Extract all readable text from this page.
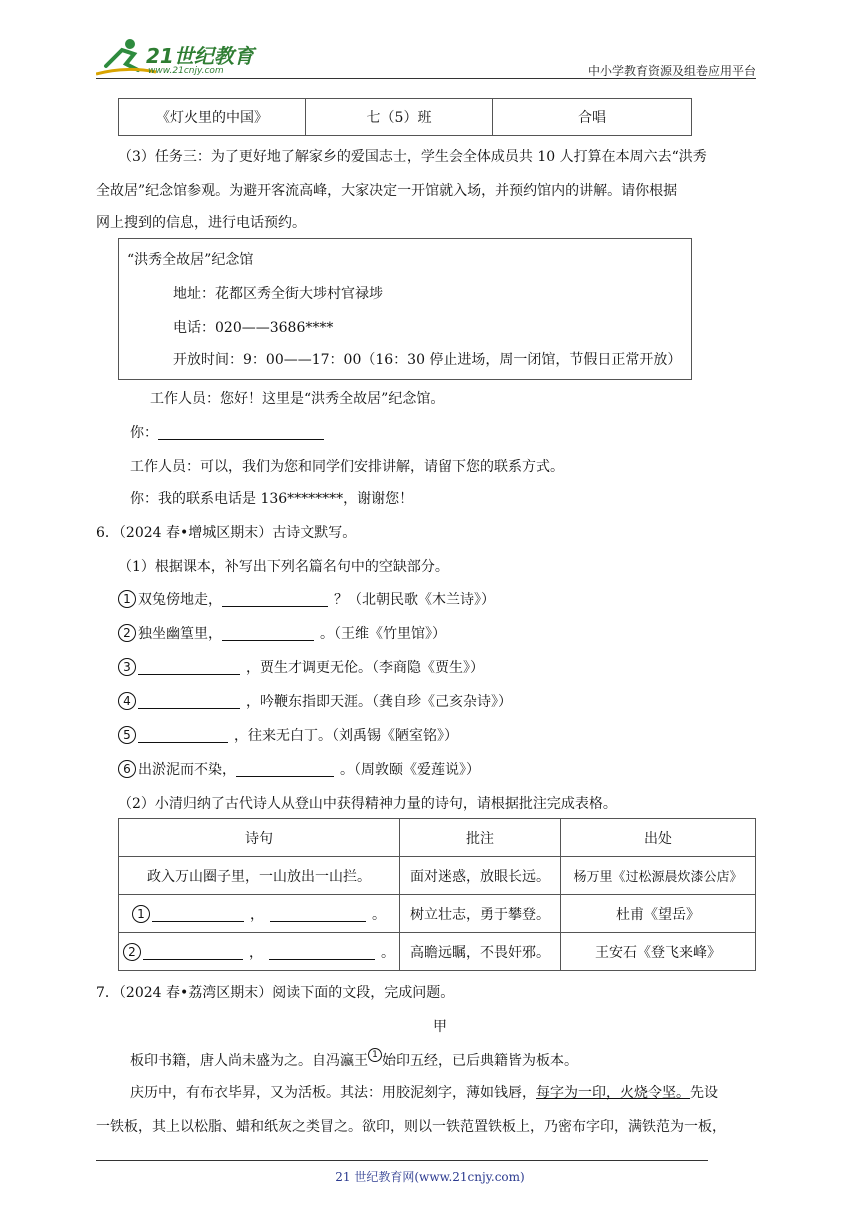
21世纪教育
www.21cnjy.com	中小学教育资源及组卷应用平台
《灯火里的中国》	七（5）班	合唱
（3）任务三：为了更好地了解家乡的爱国志士，学生会全体成员共 10 人打算在本周六去“洪秀
全故居”纪念馆参观。为避开客流高峰，大家决定一开馆就入场，并预约馆内的讲解。请你根据
网上搜到的信息，进行电话预约。
“洪秀全故居”纪念馆
地址：花都区秀全街大埗村官禄埗
电话：020——3686****
开放时间：9：00——17：00（16：30 停止进场，周一闭馆，节假日正常开放）
工作人员：您好！这里是“洪秀全故居”纪念馆。
你：
工作人员：可以，我们为您和同学们安排讲解，请留下您的联系方式。
你：我的联系电话是 136********，谢谢您！
6．（2024 春•增城区期末）古诗文默写。
（1）根据课本，补写出下列名篇名句中的空缺部分。
1 双兔傍地走，	？（北朝民歌《木兰诗》）
2 独坐幽篁里，	。（王维《竹里馆》）
3	，贾生才调更无伦。（李商隐《贾生》）
4	，吟鞭东指即天涯。（龚自珍《己亥杂诗》）
5	，往来无白丁。（刘禹锡《陋室铭》）
6 出淤泥而不染，	。（周敦颐《爱莲说》）
（2）小清归纳了古代诗人从登山中获得精神力量的诗句，请根据批注完成表格。
诗句	批注	出处
政入万山圈子里，一山放出一山拦。	面对迷惑，放眼长远。	杨万里《过松源晨炊漆公店》
1 ， 。	树立壮志，勇于攀登。	杜甫《望岳》
2 ， 。	高瞻远瞩，不畏奸邪。	王安石《登飞来峰》
7．（2024 春•荔湾区期末）阅读下面的文段，完成问题。
甲
板印书籍，唐人尚未盛为之。自冯瀛王 1 始印五经，已后典籍皆为板本。
庆历中，有布衣毕昇，又为活板。其法：用胶泥刻字，薄如钱唇，每字为一印，火烧令坚。先设
一铁板，其上以松脂、蜡和纸灰之类冒之。欲印，则以一铁范置铁板上，乃密布字印，满铁范为一板，
21 世纪教育网(www.21cnjy.com)
